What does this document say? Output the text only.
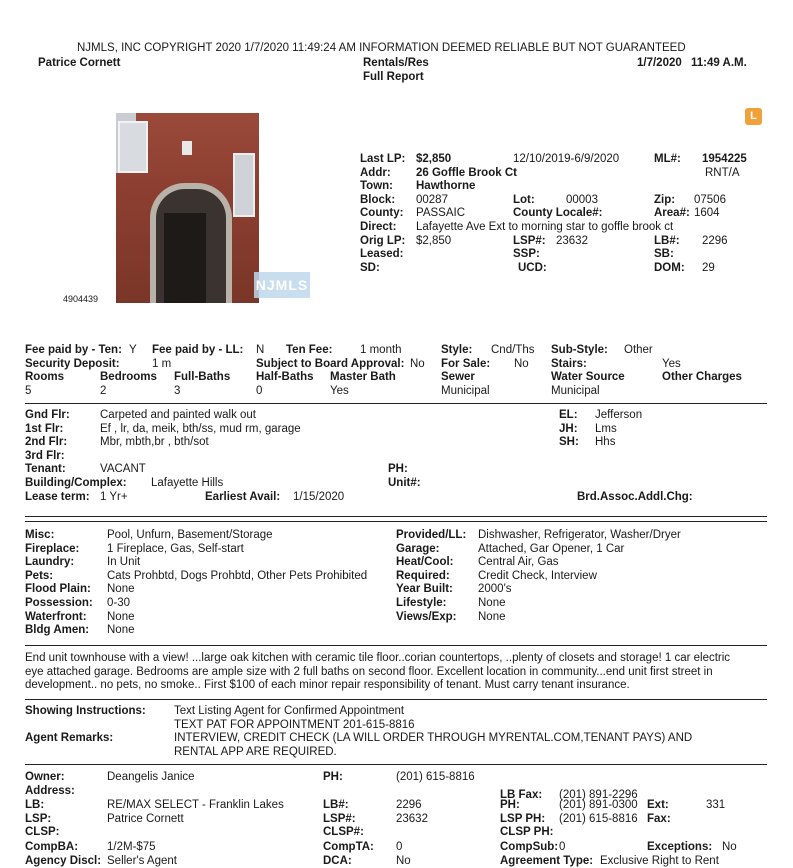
NJMLS, INC COPYRIGHT 2020 1/7/2020 11:49:24 AM INFORMATION DEEMED RELIABLE BUT NOT GUARANTEED
Patrice Cornett	Rentals/Res
Full Report
1/7/2020 11:49 A.M.
L
NJMLS
4904439
Last LP: $2,850	12/10/2019-6/9/2020	ML#: 1954225
Addr: 26 Goffle Brook Ct	RNT/A
Town: Hawthorne
Block: 00287	Lot:	00003	Zip: 07506
County: PASSAIC	County Locale#:	Area#: 1604
Direct: Lafayette Ave Ext to morning star to goffle brook ct
Orig LP: $2,850	LSP#: 23632	LB#: 2296
Leased:	SSP:	SB:
SD:	UCD:	DOM: 29
Fee paid by - Ten: Y Fee paid by - LL: N Ten Fee: 1 month	Style: Cnd/Ths Sub-Style: Other
Security Deposit:	1 m	Subject to Board Approval: No For Sale: No Stairs:	Yes
Rooms	Bedrooms Full-Baths Half-Baths Master Bath	Sewer	Water Source	Other Charges
5	2	3	0	Yes	Municipal	Municipal
Gnd Flr:	Carpeted and painted walk out	EL: Jefferson
1st Flr:	Ef , lr, da, meik, bth/ss, mud rm, garage	JH: Lms
2nd Flr:	Mbr, mbth,br , bth/sot	SH: Hhs
3rd Flr:
Tenant:	VACANT	PH:
Building/Complex: Lafayette Hills	Unit#:
Lease term: 1 Yr+	Earliest Avail: 1/15/2020	Brd.Assoc.Addl.Chg:
Misc:	Pool, Unfurn, Basement/Storage	Provided/LL: Dishwasher, Refrigerator, Washer/Dryer
Fireplace: 1 Fireplace, Gas, Self-start	Garage:	Attached, Gar Opener, 1 Car
Laundry:	In Unit	Heat/Cool: Central Air, Gas
Pets:	Cats Prohbtd, Dogs Prohbtd, Other Pets Prohibited	Required: Credit Check, Interview
Flood Plain: None	Year Built: 2000's
Possession: 0-30	Lifestyle:	None
Waterfront: None	Views/Exp: None
Bldg Amen: None
End unit townhouse with a view! ...large oak kitchen with ceramic tile floor..corian countertops, ..plenty of closets and storage! 1 car electric
eye attached garage. Bedrooms are ample size with 2 full baths on second floor. Excellent location in community...end unit first street in
development.. no pets, no smoke.. First $100 of each minor repair responsibility of tenant. Must carry tenant insurance.
Showing Instructions: Text Listing Agent for Confirmed Appointment
TEXT PAT FOR APPOINTMENT 201-615-8816
Agent Remarks:	INTERVIEW, CREDIT CHECK (LA WILL ORDER THROUGH MYRENTAL.COM,TENANT PAYS) AND
RENTAL APP ARE REQUIRED.
Owner:	Deangelis Janice	PH:	(201) 615-8816
Address:	LB Fax: (201) 891-2296
LB:	RE/MAX SELECT - Franklin Lakes	LB#:	2296	PH:	(201) 891-0300 Ext:	331
LSP:	Patrice Cornett	LSP#:	23632	LSP PH: (201) 615-8816 Fax:
CLSP:	CLSP#:	CLSP PH:
CompBA:	1/2M-$75	CompTA: 0	CompSub: 0	Exceptions: No
Agency Discl: Seller's Agent	DCA:	No	Agreement Type: Exclusive Right to Rent
